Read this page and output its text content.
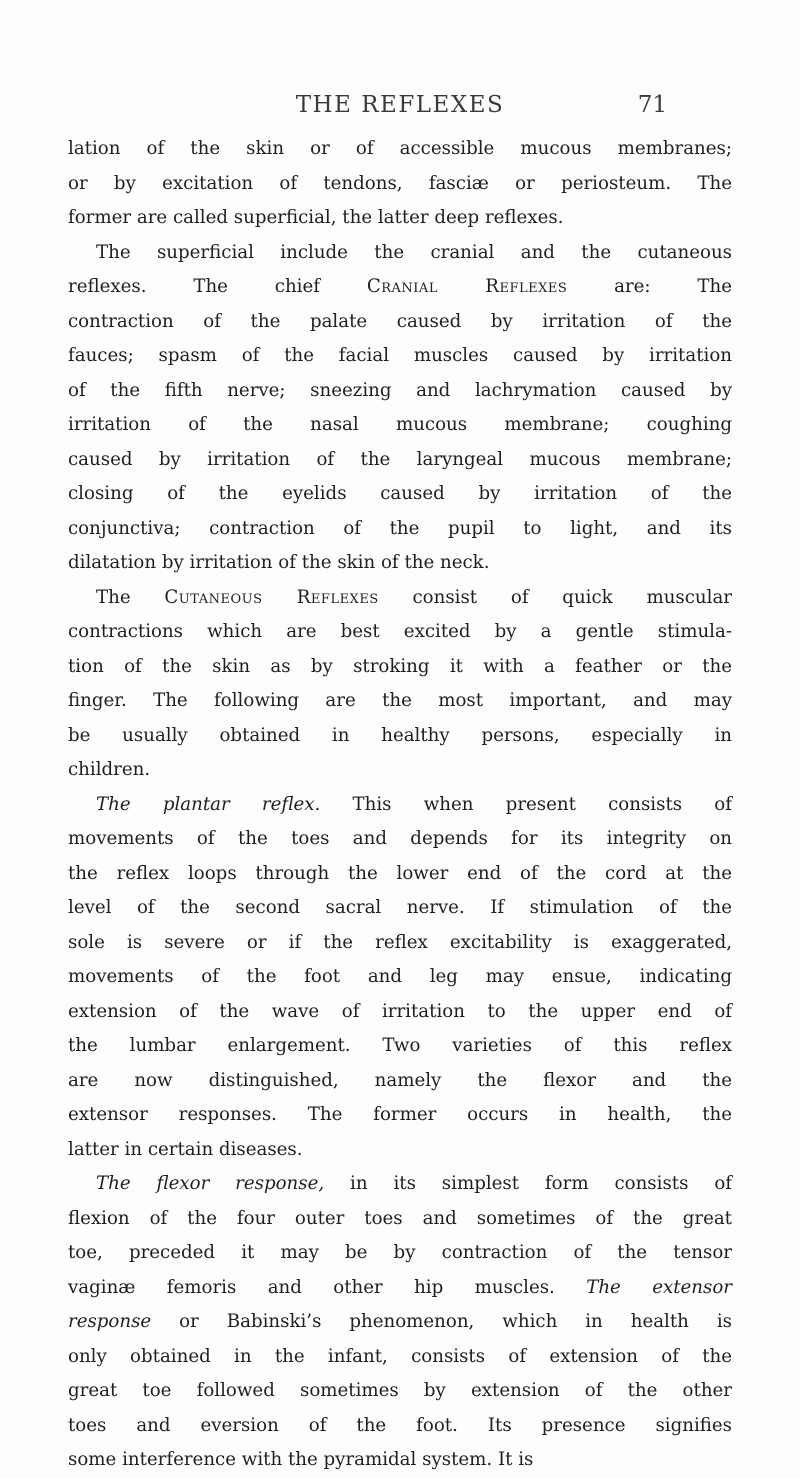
THE REFLEXES	71
lation of the skin or of accessible mucous membranes;
or by excitation of tendons, fasciæ or periosteum. The
former are called superficial, the latter deep reflexes.
The superficial include the cranial and the cutaneous
reflexes. The chief Cranial Reflexes are: The
contraction of the palate caused by irritation of the
fauces; spasm of the facial muscles caused by irritation
of the fifth nerve; sneezing and lachrymation caused by
irritation of the nasal mucous membrane; coughing
caused by irritation of the laryngeal mucous membrane;
closing of the eyelids caused by irritation of the
conjunctiva; contraction of the pupil to light, and its
dilatation by irritation of the skin of the neck.
The Cutaneous Reflexes consist of quick muscular
contractions which are best excited by a gentle stimula-
tion of the skin as by stroking it with a feather or the
finger. The following are the most important, and may
be usually obtained in healthy persons, especially in
children.
The plantar reflex. This when present consists of
movements of the toes and depends for its integrity on
the reflex loops through the lower end of the cord at the
level of the second sacral nerve. If stimulation of the
sole is severe or if the reflex excitability is exaggerated,
movements of the foot and leg may ensue, indicating
extension of the wave of irritation to the upper end of
the lumbar enlargement. Two varieties of this reflex
are now distinguished, namely the flexor and the
extensor responses. The former occurs in health, the
latter in certain diseases.
The flexor response, in its simplest form consists of
flexion of the four outer toes and sometimes of the great
toe, preceded it may be by contraction of the tensor
vaginæ femoris and other hip muscles. The extensor
response or Babinski’s phenomenon, which in health is
only obtained in the infant, consists of extension of the
great toe followed sometimes by extension of the other
toes and eversion of the foot. Its presence signifies
some interference with the pyramidal system. It is
